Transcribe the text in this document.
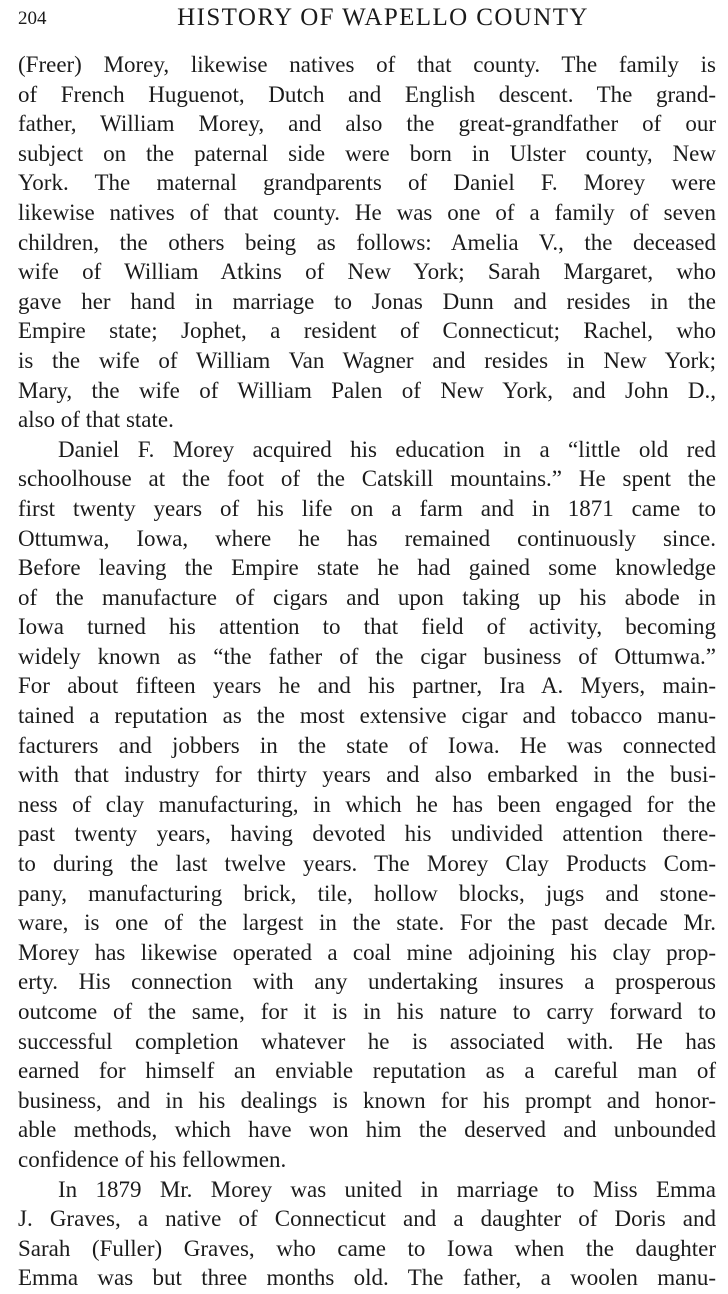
204	HISTORY OF WAPELLO COUNTY
(Freer) Morey, likewise natives of that county. The family is
of French Huguenot, Dutch and English descent. The grand-
father, William Morey, and also the great-grandfather of our
subject on the paternal side were born in Ulster county, New
York. The maternal grandparents of Daniel F. Morey were
likewise natives of that county. He was one of a family of seven
children, the others being as follows: Amelia V., the deceased
wife of William Atkins of New York; Sarah Margaret, who
gave her hand in marriage to Jonas Dunn and resides in the
Empire state; Jophet, a resident of Connecticut; Rachel, who
is the wife of William Van Wagner and resides in New York;
Mary, the wife of William Palen of New York, and John D.,
also of that state.
Daniel F. Morey acquired his education in a “little old red
schoolhouse at the foot of the Catskill mountains.” He spent the
first twenty years of his life on a farm and in 1871 came to
Ottumwa, Iowa, where he has remained continuously since.
Before leaving the Empire state he had gained some knowledge
of the manufacture of cigars and upon taking up his abode in
Iowa turned his attention to that field of activity, becoming
widely known as “the father of the cigar business of Ottumwa.”
For about fifteen years he and his partner, Ira A. Myers, main-
tained a reputation as the most extensive cigar and tobacco manu-
facturers and jobbers in the state of Iowa. He was connected
with that industry for thirty years and also embarked in the busi-
ness of clay manufacturing, in which he has been engaged for the
past twenty years, having devoted his undivided attention there-
to during the last twelve years. The Morey Clay Products Com-
pany, manufacturing brick, tile, hollow blocks, jugs and stone-
ware, is one of the largest in the state. For the past decade Mr.
Morey has likewise operated a coal mine adjoining his clay prop-
erty. His connection with any undertaking insures a prosperous
outcome of the same, for it is in his nature to carry forward to
successful completion whatever he is associated with. He has
earned for himself an enviable reputation as a careful man of
business, and in his dealings is known for his prompt and honor-
able methods, which have won him the deserved and unbounded
confidence of his fellowmen.
In 1879 Mr. Morey was united in marriage to Miss Emma
J. Graves, a native of Connecticut and a daughter of Doris and
Sarah (Fuller) Graves, who came to Iowa when the daughter
Emma was but three months old. The father, a woolen manu-
